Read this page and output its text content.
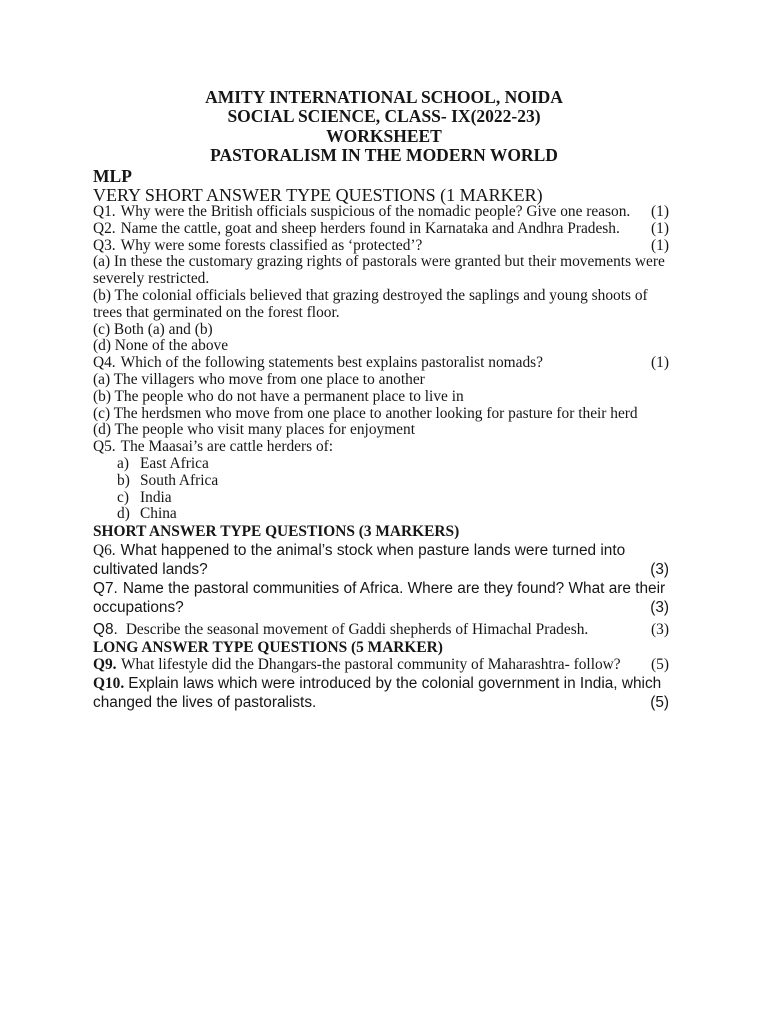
AMITY INTERNATIONAL SCHOOL, NOIDA
SOCIAL SCIENCE, CLASS- IX(2022-23)
WORKSHEET
PASTORALISM IN THE MODERN WORLD
MLP
VERY SHORT ANSWER TYPE QUESTIONS (1 MARKER)
Q1. Why were the British officials suspicious of the nomadic people? Give one reason. (1)
Q2. Name the cattle, goat and sheep herders found in Karnataka and Andhra Pradesh. (1)
Q3. Why were some forests classified as ‘protected’?	(1)
(a) In these the customary grazing rights of pastorals were granted but their movements were severely restricted.
(b) The colonial officials believed that grazing destroyed the saplings and young shoots of trees that germinated on the forest floor.
(c) Both (a) and (b)
(d) None of the above
Q4. Which of the following statements best explains pastoralist nomads?	(1)
(a) The villagers who move from one place to another
(b) The people who do not have a permanent place to live in
(c) The herdsmen who move from one place to another looking for pasture for their herd
(d) The people who visit many places for enjoyment
Q5. The Maasai’s are cattle herders of:
a) East Africa
b) South Africa
c) India
d) China
SHORT ANSWER TYPE QUESTIONS (3 MARKERS)
Q6. What happened to the animal’s stock when pasture lands were turned into cultivated lands?	(3)
Q7. Name the pastoral communities of Africa. Where are they found? What are their occupations?	(3)
Q8. Describe the seasonal movement of Gaddi shepherds of Himachal Pradesh.	(3)
LONG ANSWER TYPE QUESTIONS (5 MARKER)
Q9. What lifestyle did the Dhangars-the pastoral community of Maharashtra- follow? (5)
Q10. Explain laws which were introduced by the colonial government in India, which changed the lives of pastoralists.	(5)
